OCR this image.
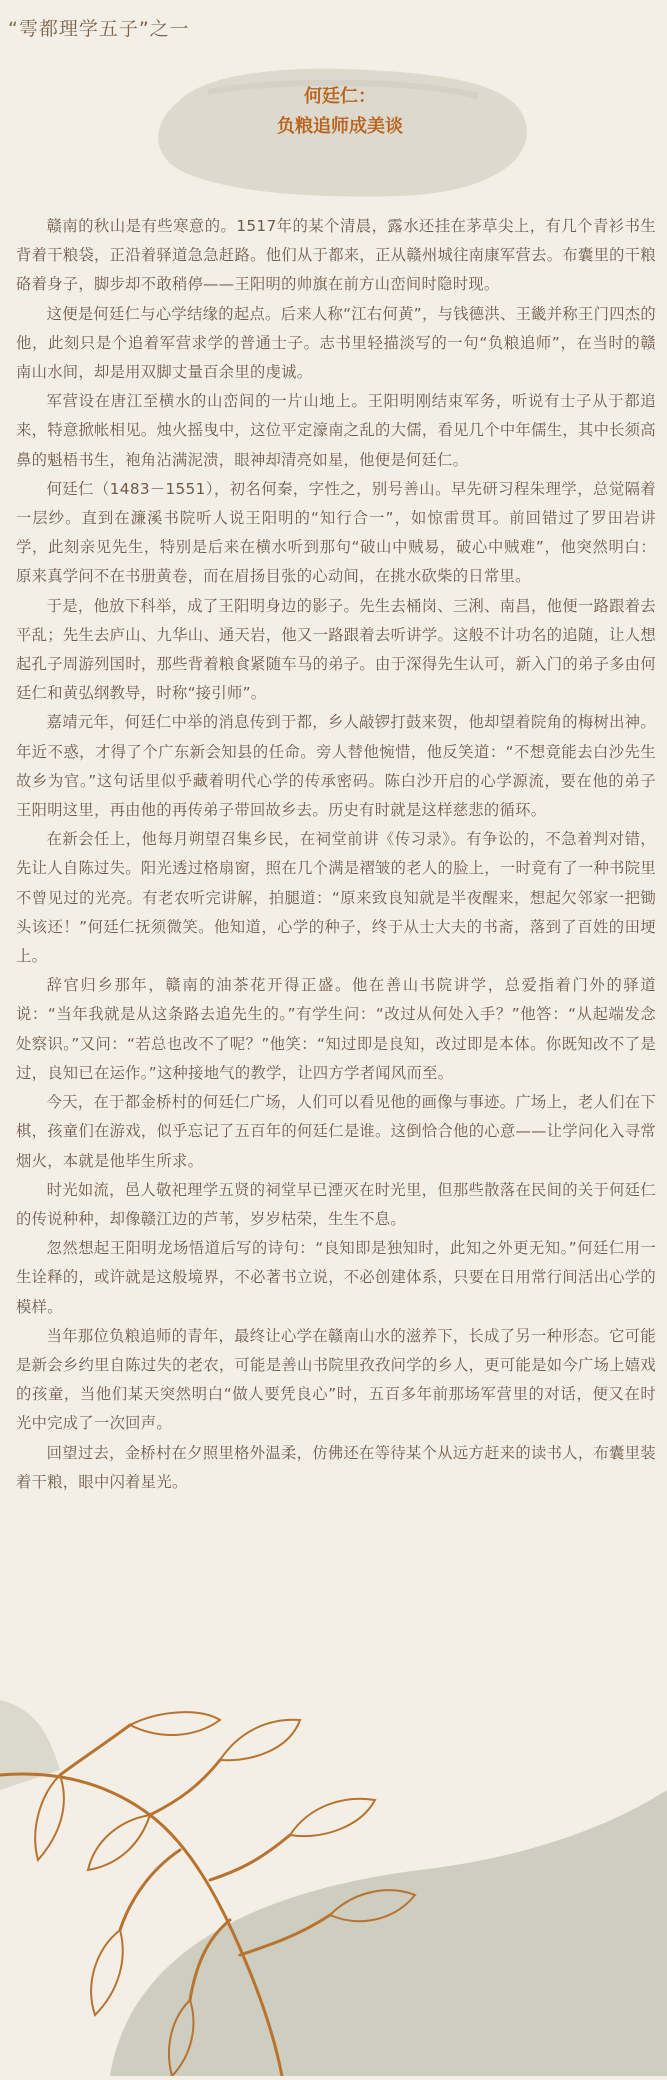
“雩都理学五子”之一
何廷仁：
负粮追师成美谈

赣南的秋山是有些寒意的。1517年的某个清晨，露水还挂在茅草尖上，有几个青衫书生背着干粮袋，正沿着驿道急急赶路。他们从于都来，正从赣州城往南康军营去。布囊里的干粮硌着身子，脚步却不敢稍停——王阳明的帅旗在前方山峦间时隐时现。

这便是何廷仁与心学结缘的起点。后来人称“江右何黄”，与钱德洪、王畿并称王门四杰的他，此刻只是个追着军营求学的普通士子。志书里轻描淡写的一句“负粮追师”，在当时的赣南山水间，却是用双脚丈量百余里的虔诚。

军营设在唐江至横水的山峦间的一片山地上。王阳明刚结束军务，听说有士子从于都追来，特意掀帐相见。烛火摇曳中，这位平定濠南之乱的大儒，看见几个中年儒生，其中长须高鼻的魁梧书生，袍角沾满泥溃，眼神却清亮如星，他便是何廷仁。

何廷仁（1483－1551），初名何秦，字性之，别号善山。早先研习程朱理学，总觉隔着一层纱。直到在濂溪书院听人说王阳明的“知行合一”，如惊雷贯耳。前回错过了罗田岩讲学，此刻亲见先生，特别是后来在横水听到那句“破山中贼易，破心中贼难”，他突然明白：原来真学问不在书册黄卷，而在眉扬目张的心动间，在挑水砍柴的日常里。

于是，他放下科举，成了王阳明身边的影子。先生去桶岗、三浰、南昌，他便一路跟着去平乱；先生去庐山、九华山、通天岩，他又一路跟着去听讲学。这般不计功名的追随，让人想起孔子周游列国时，那些背着粮食紧随车马的弟子。由于深得先生认可，新入门的弟子多由何廷仁和黄弘纲教导，时称“接引师”。

嘉靖元年，何廷仁中举的消息传到于都，乡人敲锣打鼓来贺，他却望着院角的梅树出神。年近不惑，才得了个广东新会知县的任命。旁人替他惋惜，他反笑道：“不想竟能去白沙先生故乡为官。”这句话里似乎藏着明代心学的传承密码。陈白沙开启的心学源流，要在他的弟子王阳明这里，再由他的再传弟子带回故乡去。历史有时就是这样慈悲的循环。

在新会任上，他每月朔望召集乡民，在祠堂前讲《传习录》。有争讼的，不急着判对错，先让人自陈过失。阳光透过格扇窗，照在几个满是褶皱的老人的脸上，一时竟有了一种书院里不曾见过的光亮。有老农听完讲解，拍腿道：“原来致良知就是半夜醒来，想起欠邻家一把锄头该还！”何廷仁抚须微笑。他知道，心学的种子，终于从士大夫的书斋，落到了百姓的田埂上。

辞官归乡那年，赣南的油茶花开得正盛。他在善山书院讲学，总爱指着门外的驿道说：“当年我就是从这条路去追先生的。”有学生问：“改过从何处入手？”他答：“从起端发念处察识。”又问：“若总也改不了呢？”他笑：“知过即是良知，改过即是本体。你既知改不了是过，良知已在运作。”这种接地气的教学，让四方学者闻风而至。

今天，在于都金桥村的何廷仁广场，人们可以看见他的画像与事迹。广场上，老人们在下棋，孩童们在游戏，似乎忘记了五百年的何廷仁是谁。这倒恰合他的心意——让学问化入寻常烟火，本就是他毕生所求。

时光如流，邑人敬祀理学五贤的祠堂早已湮灭在时光里，但那些散落在民间的关于何廷仁的传说种种，却像赣江边的芦苇，岁岁枯荣，生生不息。

忽然想起王阳明龙场悟道后写的诗句：“良知即是独知时，此知之外更无知。”何廷仁用一生诠释的，或许就是这般境界，不必著书立说，不必创建体系，只要在日用常行间活出心学的模样。

当年那位负粮追师的青年，最终让心学在赣南山水的滋养下，长成了另一种形态。它可能是新会乡约里自陈过失的老农，可能是善山书院里孜孜问学的乡人，更可能是如今广场上嬉戏的孩童，当他们某天突然明白“做人要凭良心”时，五百多年前那场军营里的对话，便又在时光中完成了一次回声。

回望过去，金桥村在夕照里格外温柔，仿佛还在等待某个从远方赶来的读书人，布囊里装着干粮，眼中闪着星光。
